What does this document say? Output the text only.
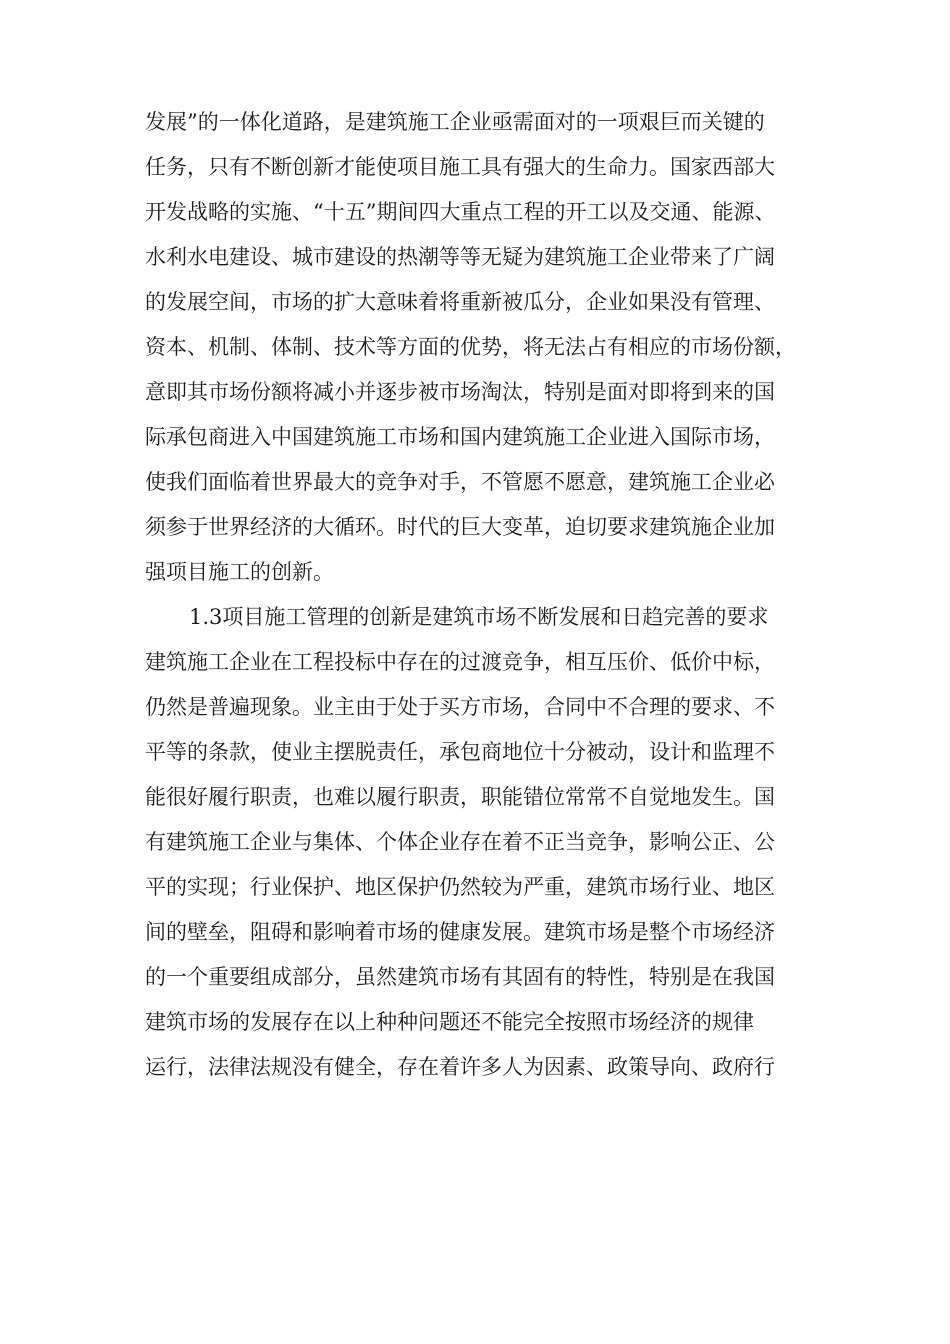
发展”的一体化道路，是建筑施工企业亟需面对的一项艰巨而关键的
任务，只有不断创新才能使项目施工具有强大的生命力。国家西部大
开发战略的实施、“十五”期间四大重点工程的开工以及交通、能源、
水利水电建设、城市建设的热潮等等无疑为建筑施工企业带来了广阔
的发展空间，市场的扩大意味着将重新被瓜分，企业如果没有管理、
资本、机制、体制、技术等方面的优势，将无法占有相应的市场份额，
意即其市场份额将减小并逐步被市场淘汰，特别是面对即将到来的国
际承包商进入中国建筑施工市场和国内建筑施工企业进入国际市场，
使我们面临着世界最大的竞争对手，不管愿不愿意，建筑施工企业必
须参于世界经济的大循环。时代的巨大变革，迫切要求建筑施企业加
强项目施工的创新。
1.3项目施工管理的创新是建筑市场不断发展和日趋完善的要求
建筑施工企业在工程投标中存在的过渡竞争，相互压价、低价中标，
仍然是普遍现象。业主由于处于买方市场，合同中不合理的要求、不
平等的条款，使业主摆脱责任，承包商地位十分被动，设计和监理不
能很好履行职责，也难以履行职责，职能错位常常不自觉地发生。国
有建筑施工企业与集体、个体企业存在着不正当竞争，影响公正、公
平的实现；行业保护、地区保护仍然较为严重，建筑市场行业、地区
间的壁垒，阻碍和影响着市场的健康发展。建筑市场是整个市场经济
的一个重要组成部分，虽然建筑市场有其固有的特性，特别是在我国
建筑市场的发展存在以上种种问题还不能完全按照市场经济的规律
运行，法律法规没有健全，存在着许多人为因素、政策导向、政府行
